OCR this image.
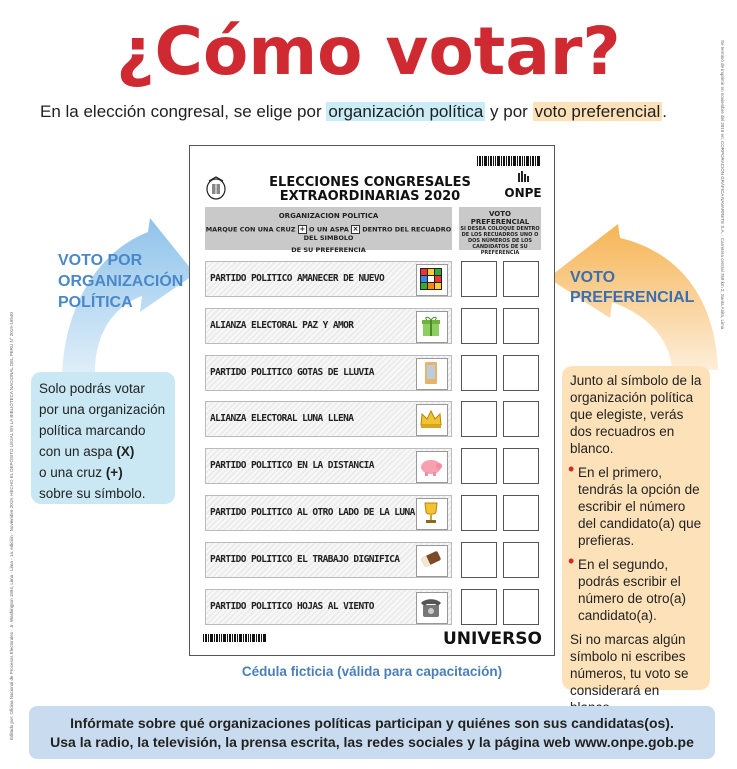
¿Cómo votar?
En la elección congresal, se elige por organización política y por voto preferencial .
VOTO POR ORGANIZACIÓN POLÍTICA
VOTO PREFERENCIAL
Solo podrás votar por una organización política marcando con un aspa (X)
o una cruz (+)
sobre su símbolo.

Junto al símbolo de la organización política que elegiste, verás dos recuadros en blanco.

• En el primero, tendrás la opción de escribir el número del candidato(a) que prefieras.

• En el segundo, podrás escribir el número de otro(a) candidato(a).

Si no marcas algún símbolo ni escribes números, tu voto se considerará en

ONPE
ELECCIONES CONGRESALES
EXTRAORDINARIAS 2020
ORGANIZACION POLITICA
MARQUE CON UNA CRUZ + O UN ASPA × DENTRO DEL RECUADRO DEL SIMBOLO
DE SU PREFERENCIA
VOTO PREFERENCIAL
SI DESEA COLOQUE DENTRO DE LOS RECUADROS UNO O DOS NÚMEROS DE LOS CANDIDATOS DE SU PREFERENCIA
PARTIDO POLITICO AMANECER DE NUEVO
ALIANZA ELECTORAL PAZ Y AMOR
PARTIDO POLITICO GOTAS DE LLUVIA
ALIANZA ELECTORAL LUNA LLENA
PARTIDO POLITICO EN LA DISTANCIA
PARTIDO POLITICO AL OTRO LADO DE LA LUNA
PARTIDO POLITICO EL TRABAJO DIGNIFICA
PARTIDO POLITICO HOJAS AL VIENTO
UNIVERSO
Cédula ficticia (válida para capacitación)
Infórmate sobre qué organizaciones políticas participan y quiénes son sus candidatas(os).
Usa la radio, la televisión, la prensa escrita, las redes sociales y la página web www.onpe.gob.pe
Editado por: Oficina Nacional de Procesos Electorales · Jr. Washington 1894, Lima · Lima · 1a. edición · Noviembre 2019. HECHO EL DEPÓSITO LEGAL EN LA BIBLIOTECA NACIONAL DEL PERÚ N° 2019-16540
Se terminó de imprimir en noviembre del 2019 en: CORPORACIÓN GRÁFICA NAVARRETE S.A. · Carretera central 759 km 2, Santa Anita, Lima
